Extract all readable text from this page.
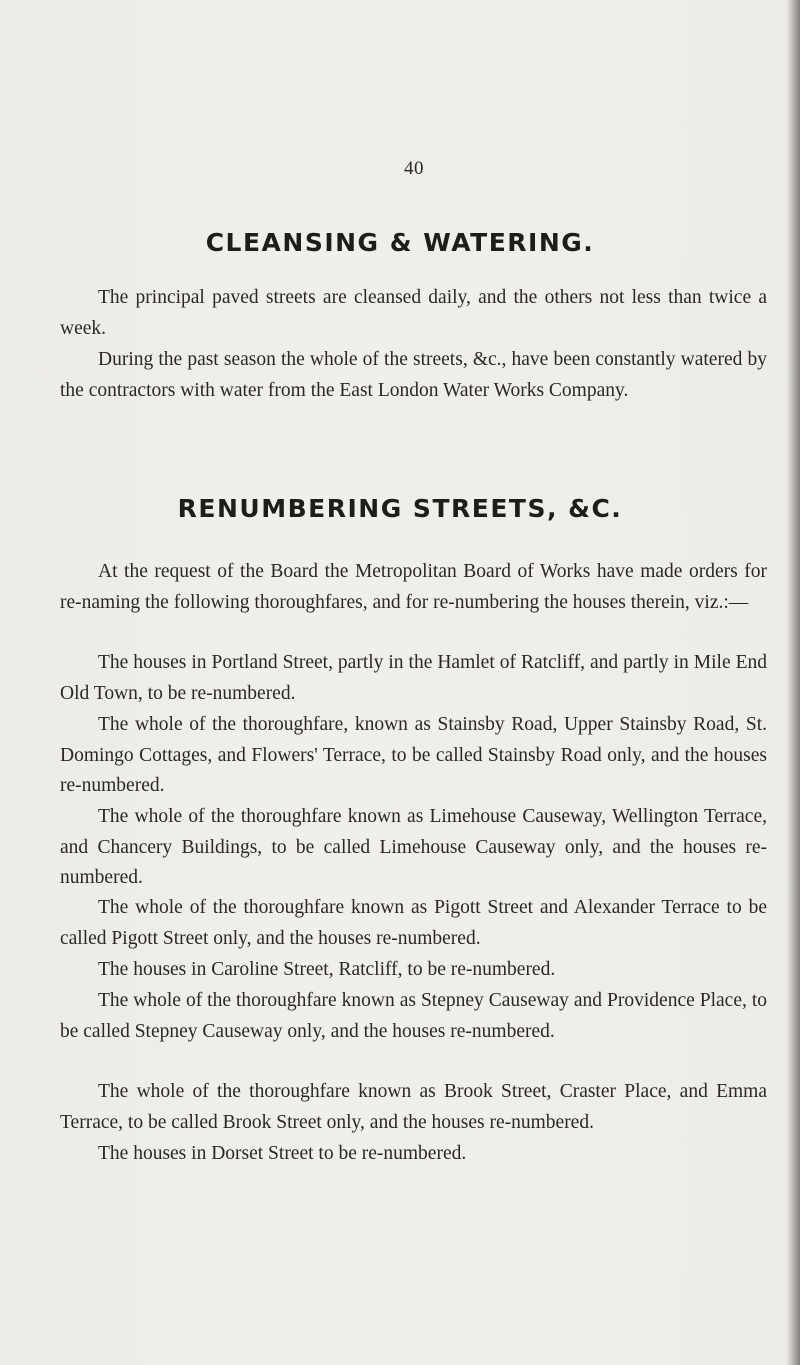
40
CLEANSING & WATERING.

The principal paved streets are cleansed daily, and the others not less than twice a week.

During the past season the whole of the streets, &c., have been constantly watered by the contractors with water from the East London Water Works Company.

RENUMBERING STREETS, &C.

At the request of the Board the Metropolitan Board of Works have made orders for re-naming the following thoroughfares, and for re-numbering the houses therein, viz.:—

The houses in Portland Street, partly in the Hamlet of Ratcliff, and partly in Mile End Old Town, to be re-numbered.

The whole of the thoroughfare, known as Stainsby Road, Upper Stainsby Road, St. Domingo Cottages, and Flowers' Terrace, to be called Stainsby Road only, and the houses re-numbered.

The whole of the thoroughfare known as Limehouse Causeway, Wellington Terrace, and Chancery Buildings, to be called Limehouse Causeway only, and the houses re-numbered.

The whole of the thoroughfare known as Pigott Street and Alexander Terrace to be called Pigott Street only, and the houses re-numbered.

The houses in Caroline Street, Ratcliff, to be re-numbered.

The whole of the thoroughfare known as Stepney Causeway and Providence Place, to be called Stepney Causeway only, and the houses re-numbered.

The whole of the thoroughfare known as Brook Street, Craster Place, and Emma Terrace, to be called Brook Street only, and the houses re-numbered.

The houses in Dorset Street to be re-numbered.
